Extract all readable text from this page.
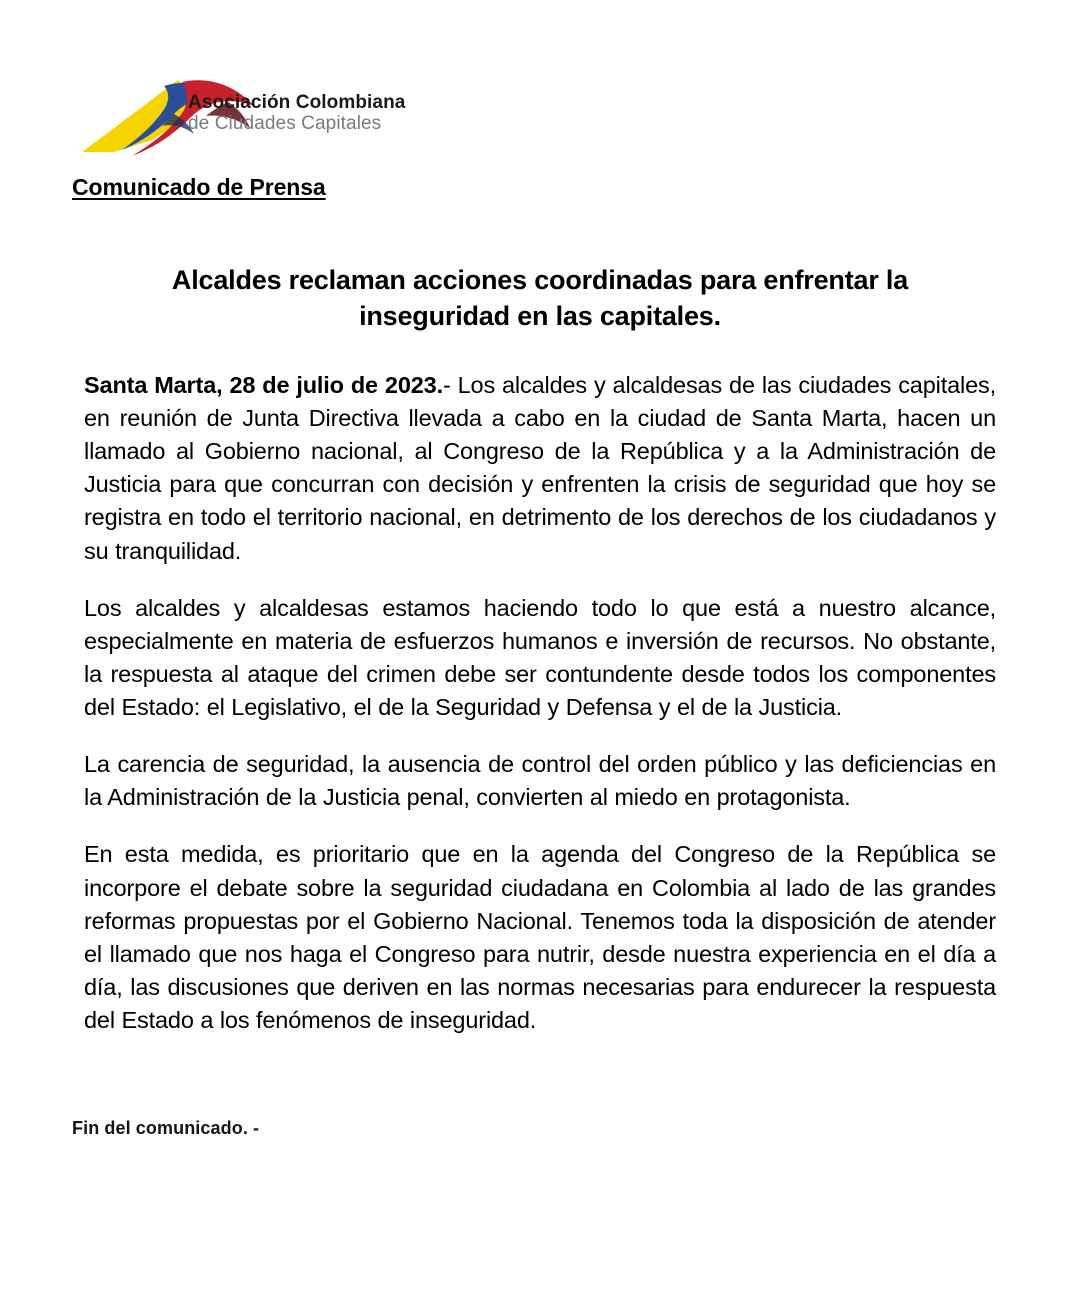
Asociación Colombiana
de Ciudades Capitales
Comunicado de Prensa
Alcaldes reclaman acciones coordinadas para enfrentar la inseguridad en las capitales.

Santa Marta, 28 de julio de 2023.- Los alcaldes y alcaldesas de las ciudades capitales, en reunión de Junta Directiva llevada a cabo en la ciudad de Santa Marta, hacen un llamado al Gobierno nacional, al Congreso de la República y a la Administración de Justicia para que concurran con decisión y enfrenten la crisis de seguridad que hoy se registra en todo el territorio nacional, en detrimento de los derechos de los ciudadanos y su tranquilidad.

Los alcaldes y alcaldesas estamos haciendo todo lo que está a nuestro alcance, especialmente en materia de esfuerzos humanos e inversión de recursos. No obstante, la respuesta al ataque del crimen debe ser contundente desde todos los componentes del Estado: el Legislativo, el de la Seguridad y Defensa y el de la Justicia.

La carencia de seguridad, la ausencia de control del orden público y las deficiencias en la Administración de la Justicia penal, convierten al miedo en protagonista.

En esta medida, es prioritario que en la agenda del Congreso de la República se incorpore el debate sobre la seguridad ciudadana en Colombia al lado de las grandes reformas propuestas por el Gobierno Nacional. Tenemos toda la disposición de atender el llamado que nos haga el Congreso para nutrir, desde nuestra experiencia en el día a día, las discusiones que deriven en las normas necesarias para endurecer la respuesta del Estado a los fenómenos de inseguridad.

Fin del comunicado. -
